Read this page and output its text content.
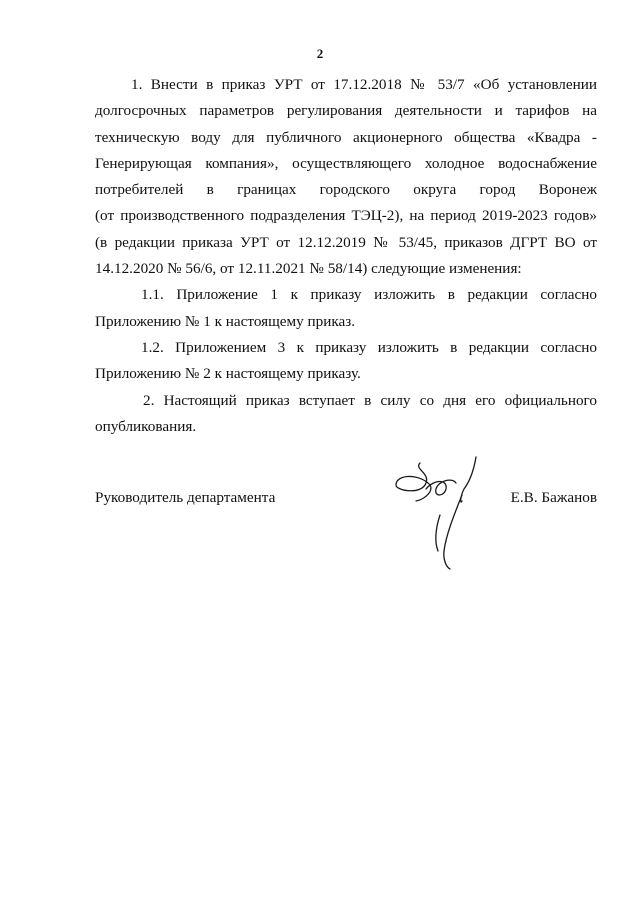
2
1. Внести в приказ УРТ от 17.12.2018 № 53/7 «Об установлении
долгосрочных параметров регулирования деятельности и тарифов на
техническую воду для публичного акционерного общества «Квадра -
Генерирующая компания», осуществляющего холодное водоснабжение
потребителей в границах городского округа город Воронеж
(от производственного подразделения ТЭЦ-2), на период 2019-2023 годов»
(в редакции приказа УРТ от 12.12.2019 № 53/45, приказов ДГРТ ВО от
14.12.2020 № 56/6, от 12.11.2021 № 58/14) следующие изменения:
1.1. Приложение 1 к приказу изложить в редакции согласно
Приложению № 1 к настоящему приказ.
1.2. Приложением 3 к приказу изложить в редакции согласно
Приложению № 2 к настоящему приказу.
2. Настоящий приказ вступает в силу со дня его официального
опубликования.
Руководитель департамента	Е.В. Бажанов
